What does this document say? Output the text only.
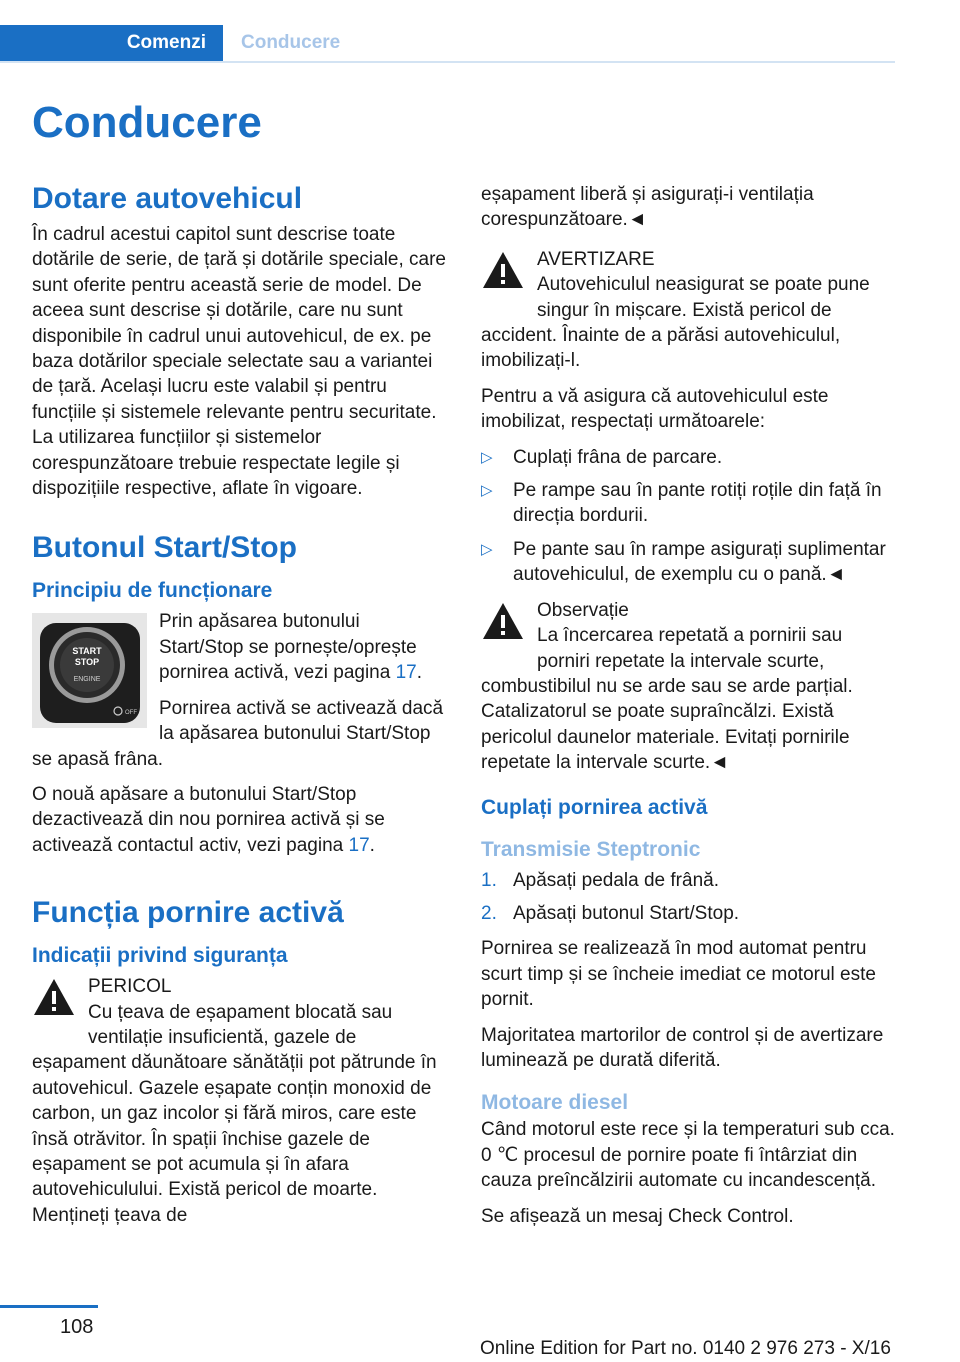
Comenzi Conducere
Conducere
Dotare autovehicul

În cadrul acestui capitol sunt descrise toate dotările de serie, de țară și dotările speciale, care sunt oferite pentru această serie de model. De aceea sunt descrise și dotările, care nu sunt disponibile în cadrul unui autovehicul, de ex. pe baza dotărilor speciale selectate sau a variantei de țară. Același lucru este valabil și pentru funcțiile și sistemele relevante pentru securitate. La utilizarea funcțiilor și sistemelor corespunzătoare trebuie respectate legile și dispozițiile respective, aflate în vigoare.

Butonul Start/Stop
Principiu de funcționare
START
STOP
ENGINE
OFF

Prin apăsarea butonului Start/Stop se pornește/oprește pornirea activă, vezi pagina 17.

Pornirea activă se activează dacă la apăsarea butonului Start/Stop se apasă frâna.

O nouă apăsare a butonului Start/Stop dezactivează din nou pornirea activă și se activează contactul activ, vezi pagina 17.

Funcția pornire activă
Indicații privind siguranța

PERICOL

Cu țeava de eșapament blocată sau ventilație insuficientă, gazele de eșapament dăunătoare sănătății pot pătrunde în autovehicul. Gazele eșapate conțin monoxid de carbon, un gaz incolor și fără miros, care este însă otrăvitor. În spații închise gazele de eșapament se pot acumula și în afara autovehiculului. Există pericol de moarte. Mențineți țeava de

eșapament liberă și asigurați-i ventilația corespunzătoare.◄

AVERTIZARE

Autovehiculul neasigurat se poate pune singur în mișcare. Există pericol de accident. Înainte de a părăsi autovehiculul, imobilizați-l.

Pentru a vă asigura că autovehiculul este imobilizat, respectați următoarele:

▷ Cuplați frâna de parcare.
▷ Pe rampe sau în pante rotiți roțile din față în direcția bordurii.
▷ Pe pante sau în rampe asigurați suplimentar autovehiculul, de exemplu cu o pană.◄

Observație

La încercarea repetată a pornirii sau porniri repetate la intervale scurte, combustibilul nu se arde sau se arde parțial. Catalizatorul se poate supraîncălzi. Există pericolul daunelor materiale. Evitați pornirile repetate la intervale scurte.◄

Cuplați pornirea activă
Transmisie Steptronic
1. Apăsați pedala de frână.
2. Apăsați butonul Start/Stop.

Pornirea se realizează în mod automat pentru scurt timp și se încheie imediat ce motorul este pornit.

Majoritatea martorilor de control și de avertizare luminează pe durată diferită.

Motoare diesel

Când motorul este rece și la temperaturi sub cca. 0 ℃ procesul de pornire poate fi întârziat din cauza preîncălzirii automate cu incandescență.

Se afișează un mesaj Check Control.

108
Online Edition for Part no. 0140 2 976 273 - X/16
